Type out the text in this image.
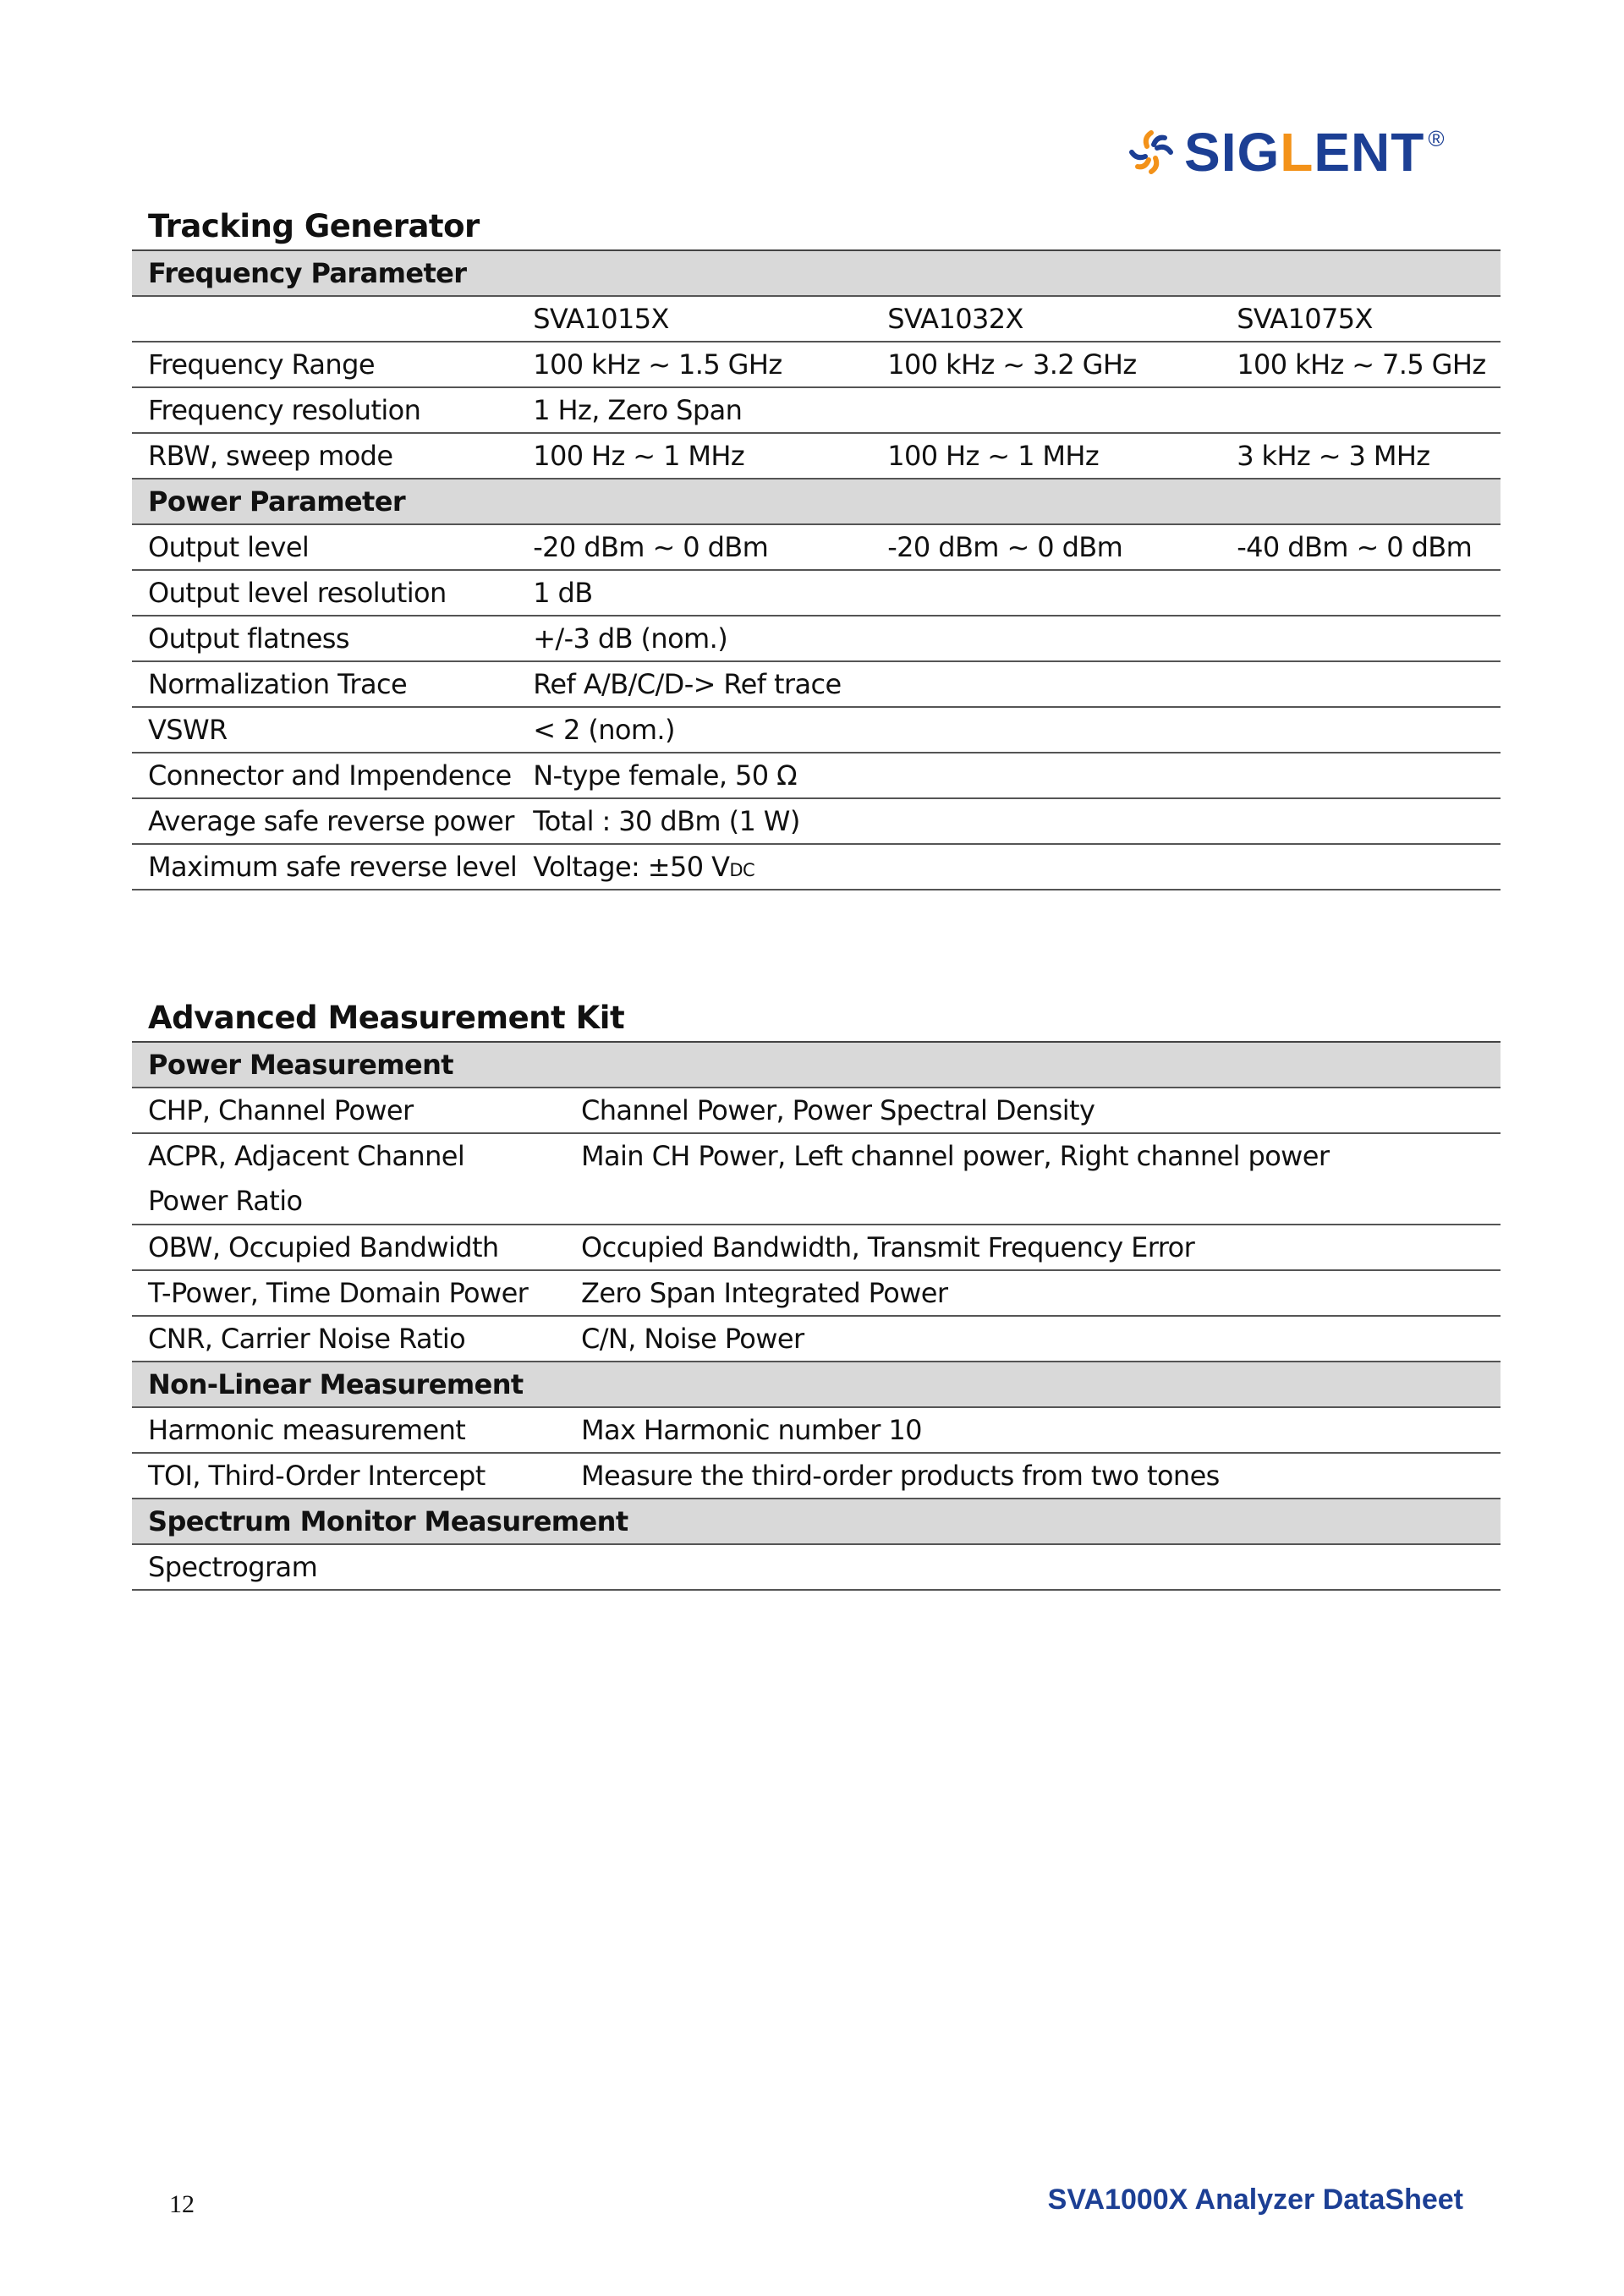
SIGLENT ®
Tracking Generator
Frequency Parameter			
	SVA1015X	SVA1032X	SVA1075X
Frequency Range	100 kHz ~ 1.5 GHz	100 kHz ~ 3.2 GHz	100 kHz ~ 7.5 GHz
Frequency resolution	1 Hz, Zero Span		
RBW, sweep mode	100 Hz ~ 1 MHz	100 Hz ~ 1 MHz	3 kHz ~ 3 MHz
Power Parameter			
Output level	-20 dBm ~ 0 dBm	-20 dBm ~ 0 dBm	-40 dBm ~ 0 dBm
Output level resolution	1 dB		
Output flatness	+/-3 dB (nom.)		
Normalization Trace	Ref A/B/C/D-> Ref trace		
VSWR	< 2 (nom.)		
Connector and Impendence	N-type female, 50 Ω		
Average safe reverse power	Total : 30 dBm (1 W)		
Maximum safe reverse level	Voltage: ±50 VDC		
Advanced Measurement Kit
Power Measurement	
CHP, Channel Power	Channel Power, Power Spectral Density
ACPR, Adjacent Channel Power Ratio	Main CH Power, Left channel power, Right channel power
OBW, Occupied Bandwidth	Occupied Bandwidth, Transmit Frequency Error
T-Power, Time Domain Power	Zero Span Integrated Power
CNR, Carrier Noise Ratio	C/N, Noise Power
Non-Linear Measurement	
Harmonic measurement	Max Harmonic number 10
TOI, Third-Order Intercept	Measure the third-order products from two tones
Spectrum Monitor Measurement	
Spectrogram	
12	SVA1000X Analyzer DataSheet
